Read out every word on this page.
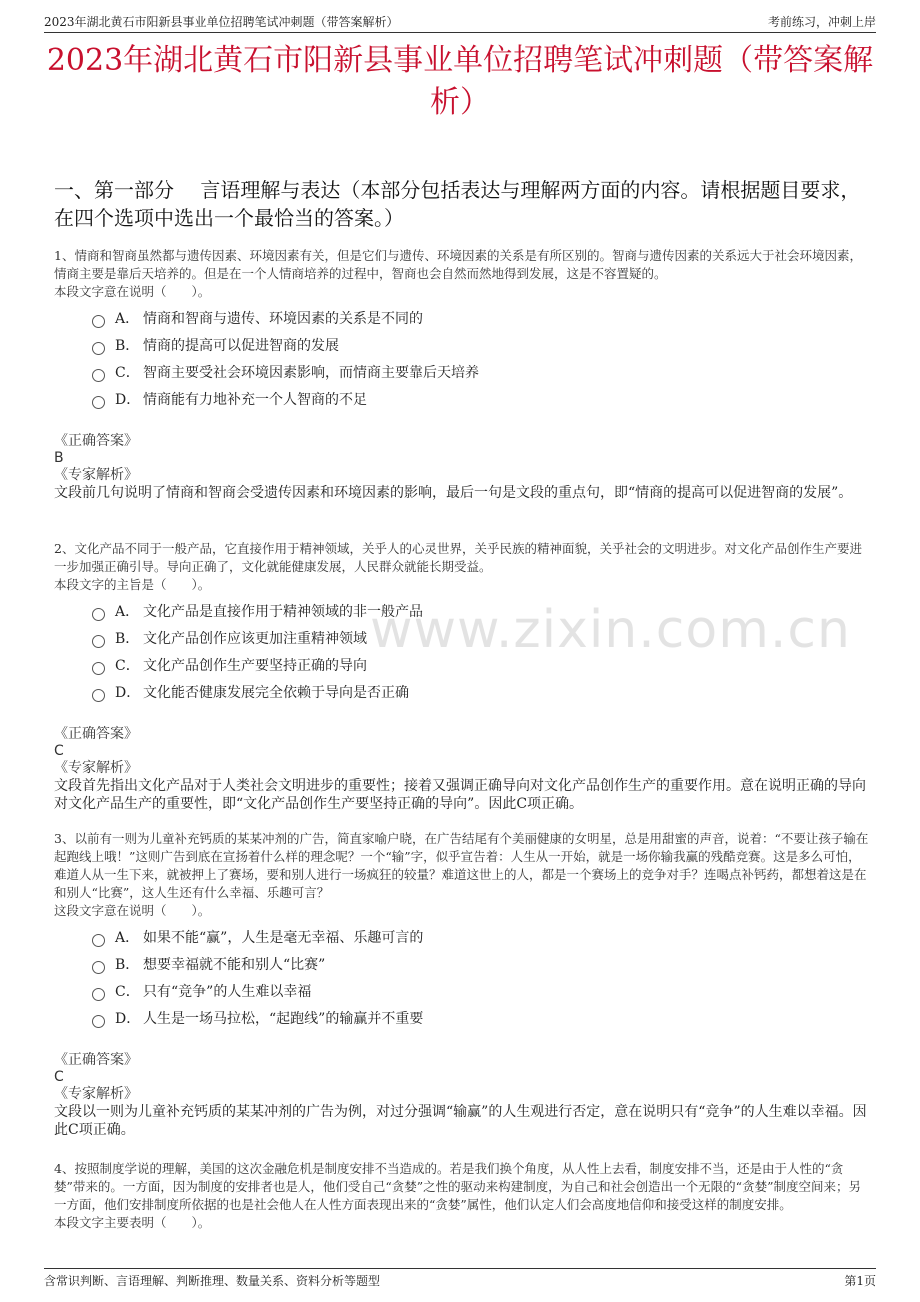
2023年湖北黄石市阳新县事业单位招聘笔试冲刺题（带答案解析）	考前练习，冲刺上岸
2023年湖北黄石市阳新县事业单位招聘笔试冲刺题（带答案解析）
一、第一部分　 言语理解与表达（本部分包括表达与理解两方面的内容。请根据题目要求，在四个选项中选出一个最恰当的答案。）
www.zixin.com.cn

1、情商和智商虽然都与遗传因素、环境因素有关，但是它们与遗传、环境因素的关系是有所区别的。智商与遗传因素的关系远大于社会环境因素，情商主要是靠后天培养的。但是在一个人情商培养的过程中，智商也会自然而然地得到发展，这是不容置疑的。

本段文字意在说明（　　）。

A． 情商和智商与遗传、环境因素的关系是不同的
B． 情商的提高可以促进智商的发展
C． 智商主要受社会环境因素影响，而情商主要靠后天培养
D． 情商能有力地补充一个人智商的不足
《正确答案》
B
《专家解析》
文段前几句说明了情商和智商会受遗传因素和环境因素的影响，最后一句是文段的重点句，即“情商的提高可以促进智商的发展”。

2、文化产品不同于一般产品，它直接作用于精神领域，关乎人的心灵世界，关乎民族的精神面貌，关乎社会的文明进步。对文化产品创作生产要进一步加强正确引导。导向正确了，文化就能健康发展，人民群众就能长期受益。

本段文字的主旨是（　　）。

A． 文化产品是直接作用于精神领域的非一般产品
B． 文化产品创作应该更加注重精神领域
C． 文化产品创作生产要坚持正确的导向
D． 文化能否健康发展完全依赖于导向是否正确
《正确答案》
C
《专家解析》
文段首先指出文化产品对于人类社会文明进步的重要性；接着又强调正确导向对文化产品创作生产的重要作用。意在说明正确的导向对文化产品生产的重要性，即“文化产品创作生产要坚持正确的导向”。因此C项正确。

3、以前有一则为儿童补充钙质的某某冲剂的广告，简直家喻户晓，在广告结尾有个美丽健康的女明星，总是用甜蜜的声音，说着：“不要让孩子输在起跑线上哦！”这则广告到底在宣扬着什么样的理念呢？一个“输”字，似乎宣告着：人生从一开始，就是一场你输我赢的残酷竞赛。这是多么可怕，难道人从一生下来，就被押上了赛场，要和别人进行一场疯狂的较量？难道这世上的人，都是一个赛场上的竞争对手？连喝点补钙药，都想着这是在和别人“比赛”，这人生还有什么幸福、乐趣可言？

这段文字意在说明（　　）。

A． 如果不能“赢”，人生是毫无幸福、乐趣可言的
B． 想要幸福就不能和别人“比赛”
C． 只有“竞争”的人生难以幸福
D． 人生是一场马拉松，“起跑线”的输赢并不重要
《正确答案》
C
《专家解析》
文段以一则为儿童补充钙质的某某冲剂的广告为例，对过分强调“输赢”的人生观进行否定，意在说明只有“竞争”的人生难以幸福。因此C项正确。

4、按照制度学说的理解，美国的这次金融危机是制度安排不当造成的。若是我们换个角度，从人性上去看，制度安排不当，还是由于人性的“贪婪”带来的。一方面，因为制度的安排者也是人，他们受自己“贪婪”之性的驱动来构建制度，为自己和社会创造出一个无限的“贪婪”制度空间来；另一方面，他们安排制度所依据的也是社会他人在人性方面表现出来的“贪婪”属性，他们认定人们会高度地信仰和接受这样的制度安排。

本段文字主要表明（　　）。

含常识判断、言语理解、判断推理、数量关系、资料分析等题型	第1页
